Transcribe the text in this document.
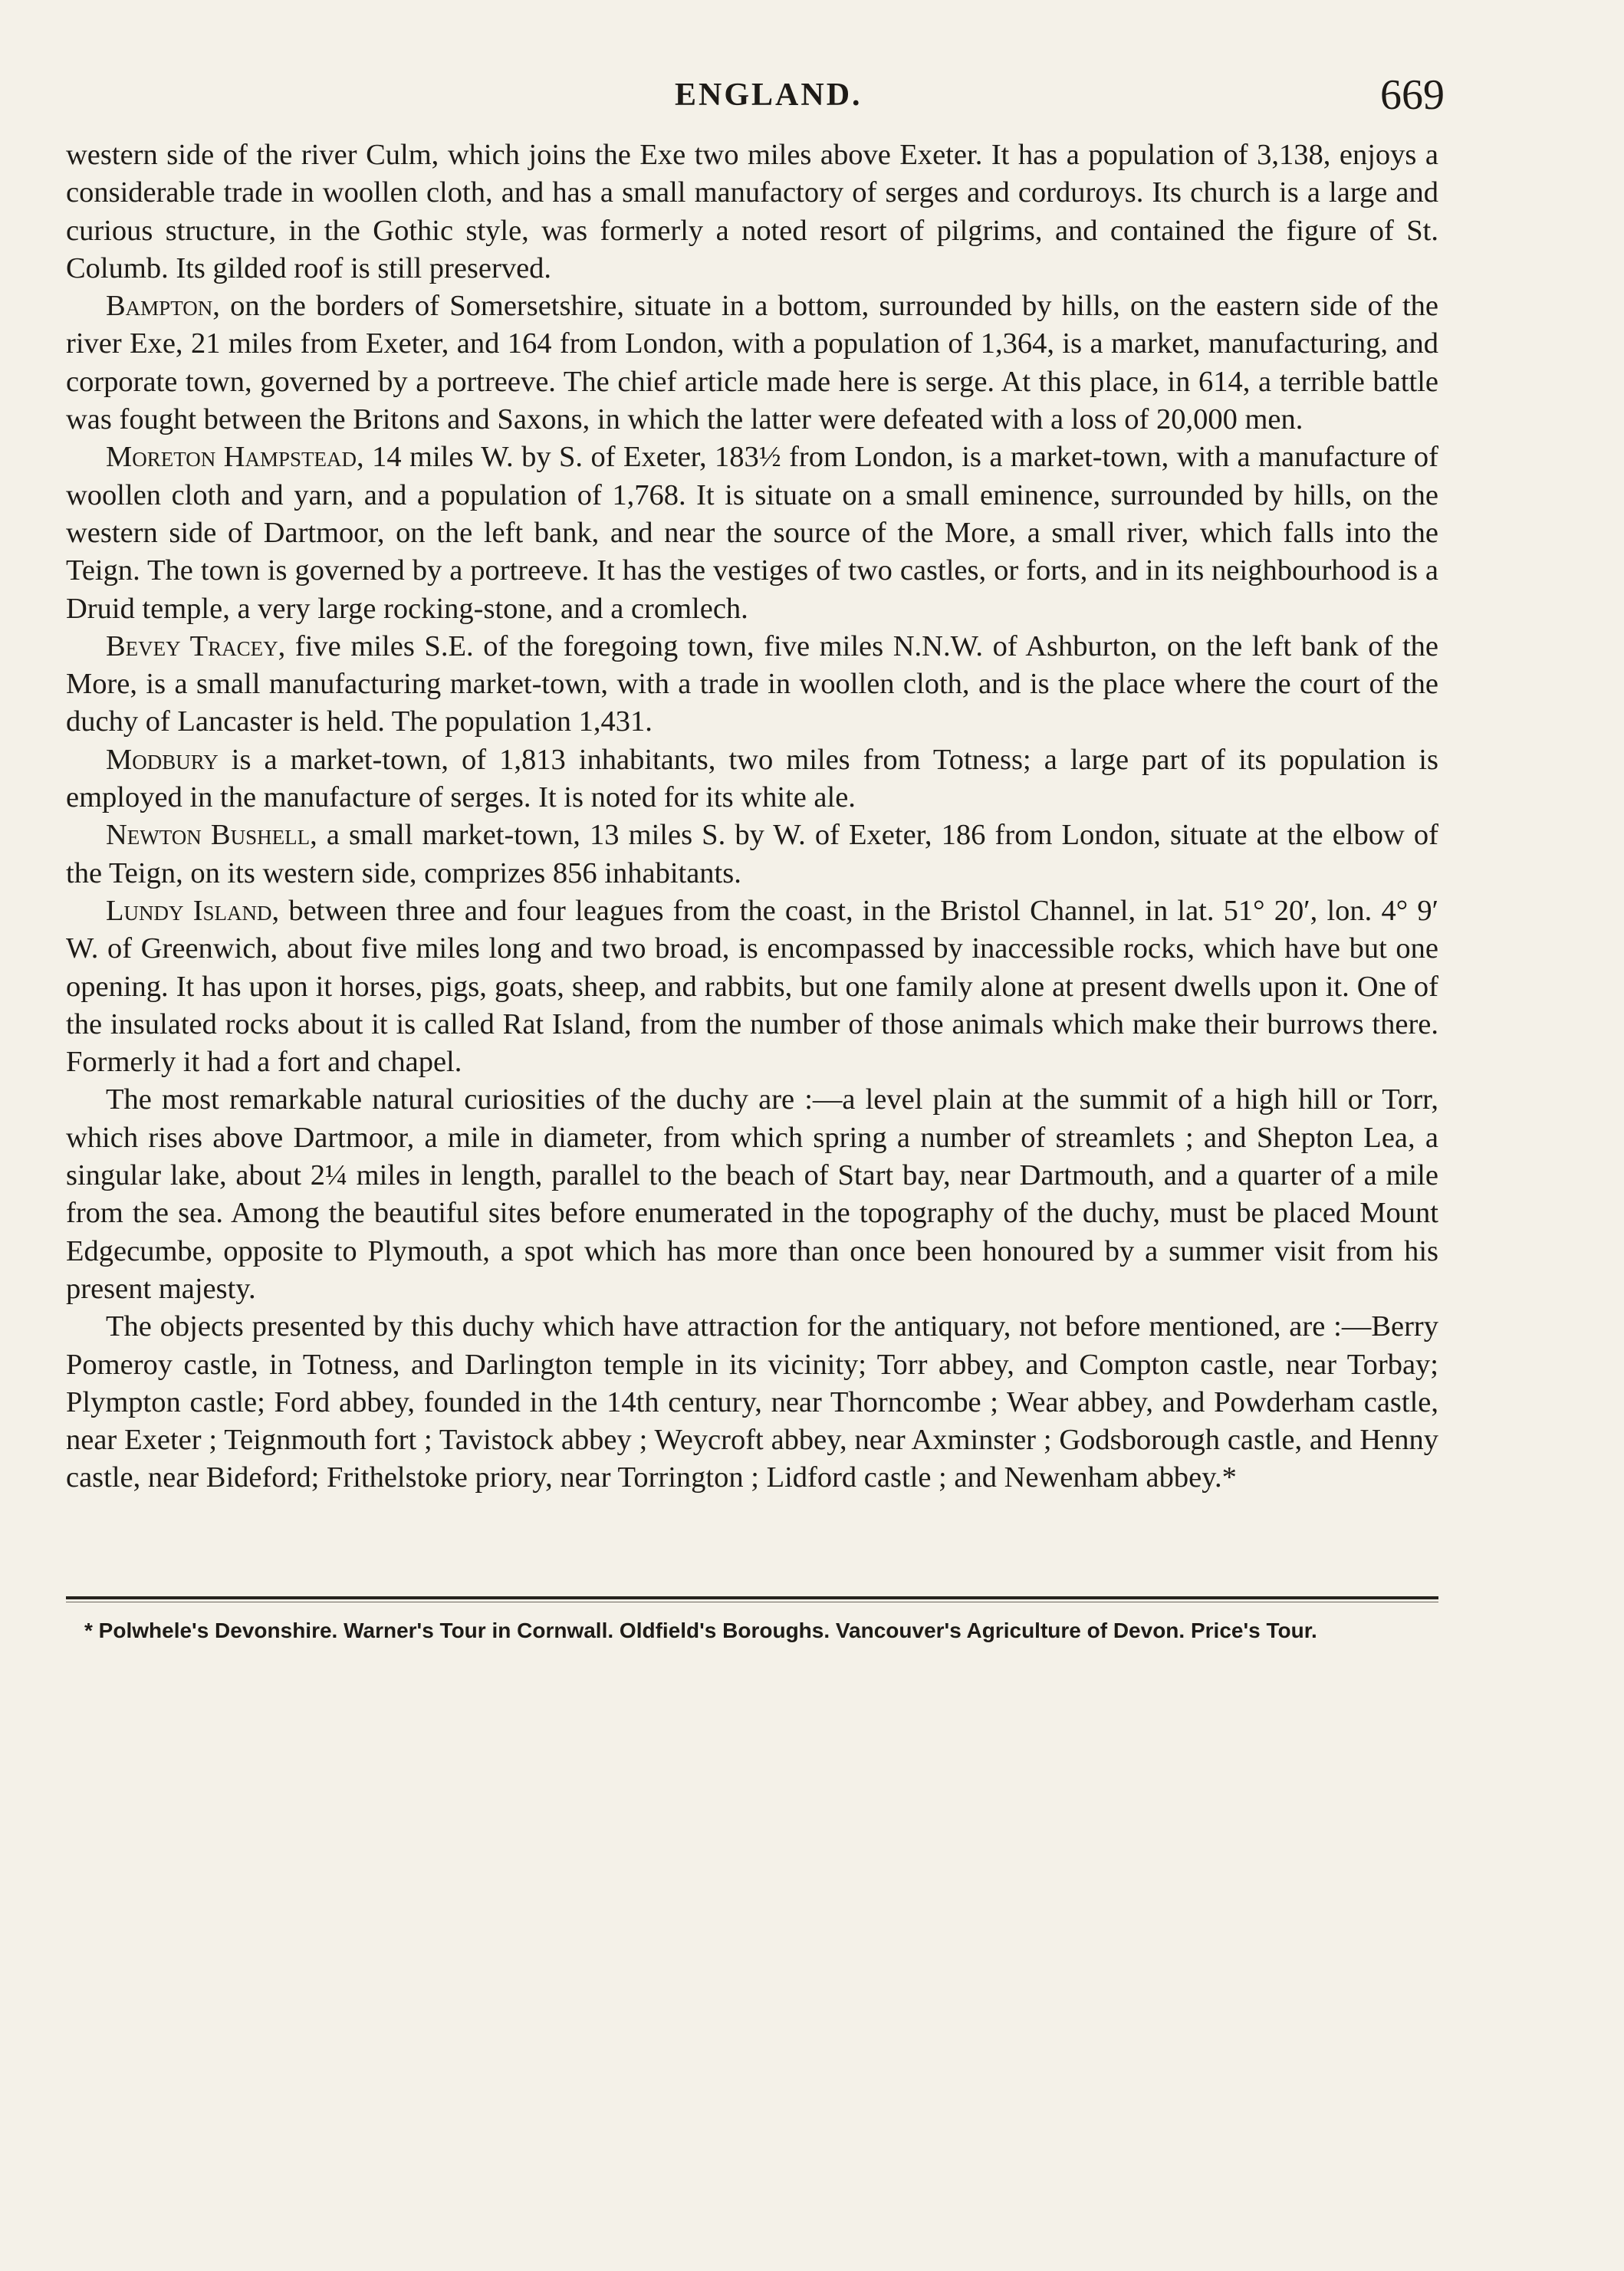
ENGLAND.	669

western side of the river Culm, which joins the Exe two miles above Exeter. It has a population of 3,138, enjoys a considerable trade in woollen cloth, and has a small manufactory of serges and corduroys. Its church is a large and curious structure, in the Gothic style, was formerly a noted resort of pilgrims, and contained the figure of St. Columb. Its gilded roof is still preserved.

Bampton, on the borders of Somersetshire, situate in a bottom, surrounded by hills, on the eastern side of the river Exe, 21 miles from Exeter, and 164 from London, with a population of 1,364, is a market, manufacturing, and corporate town, governed by a portreeve. The chief article made here is serge. At this place, in 614, a terrible battle was fought between the Britons and Saxons, in which the latter were defeated with a loss of 20,000 men.

Moreton Hampstead, 14 miles W. by S. of Exeter, 183½ from London, is a market-town, with a manufacture of woollen cloth and yarn, and a population of 1,768. It is situate on a small eminence, surrounded by hills, on the western side of Dartmoor, on the left bank, and near the source of the More, a small river, which falls into the Teign. The town is governed by a portreeve. It has the vestiges of two castles, or forts, and in its neighbourhood is a Druid temple, a very large rocking-stone, and a cromlech.

Bevey Tracey, five miles S.E. of the foregoing town, five miles N.N.W. of Ashburton, on the left bank of the More, is a small manufacturing market-town, with a trade in woollen cloth, and is the place where the court of the duchy of Lancaster is held. The population 1,431.

Modbury is a market-town, of 1,813 inhabitants, two miles from Totness; a large part of its population is employed in the manufacture of serges. It is noted for its white ale.

Newton Bushell, a small market-town, 13 miles S. by W. of Exeter, 186 from London, situate at the elbow of the Teign, on its western side, comprizes 856 inhabitants.

Lundy Island, between three and four leagues from the coast, in the Bristol Channel, in lat. 51° 20′, lon. 4° 9′ W. of Greenwich, about five miles long and two broad, is encompassed by inaccessible rocks, which have but one opening. It has upon it horses, pigs, goats, sheep, and rabbits, but one family alone at present dwells upon it. One of the insulated rocks about it is called Rat Island, from the number of those animals which make their burrows there. Formerly it had a fort and chapel.

The most remarkable natural curiosities of the duchy are :—a level plain at the summit of a high hill or Torr, which rises above Dartmoor, a mile in diameter, from which spring a number of streamlets ; and Shepton Lea, a singular lake, about 2¼ miles in length, parallel to the beach of Start bay, near Dartmouth, and a quarter of a mile from the sea. Among the beautiful sites before enumerated in the topography of the duchy, must be placed Mount Edgecumbe, opposite to Plymouth, a spot which has more than once been honoured by a summer visit from his present majesty.

The objects presented by this duchy which have attraction for the antiquary, not before mentioned, are :—Berry Pomeroy castle, in Totness, and Darlington temple in its vicinity; Torr abbey, and Compton castle, near Torbay; Plympton castle; Ford abbey, founded in the 14th century, near Thorncombe ; Wear abbey, and Powderham castle, near Exeter ; Teignmouth fort ; Tavistock abbey ; Weycroft abbey, near Axminster ; Godsborough castle, and Henny castle, near Bideford; Frithelstoke priory, near Torrington ; Lidford castle ; and Newenham abbey.*

* Polwhele's Devonshire. Warner's Tour in Cornwall. Oldfield's Boroughs. Vancouver's Agriculture of Devon. Price's Tour.
